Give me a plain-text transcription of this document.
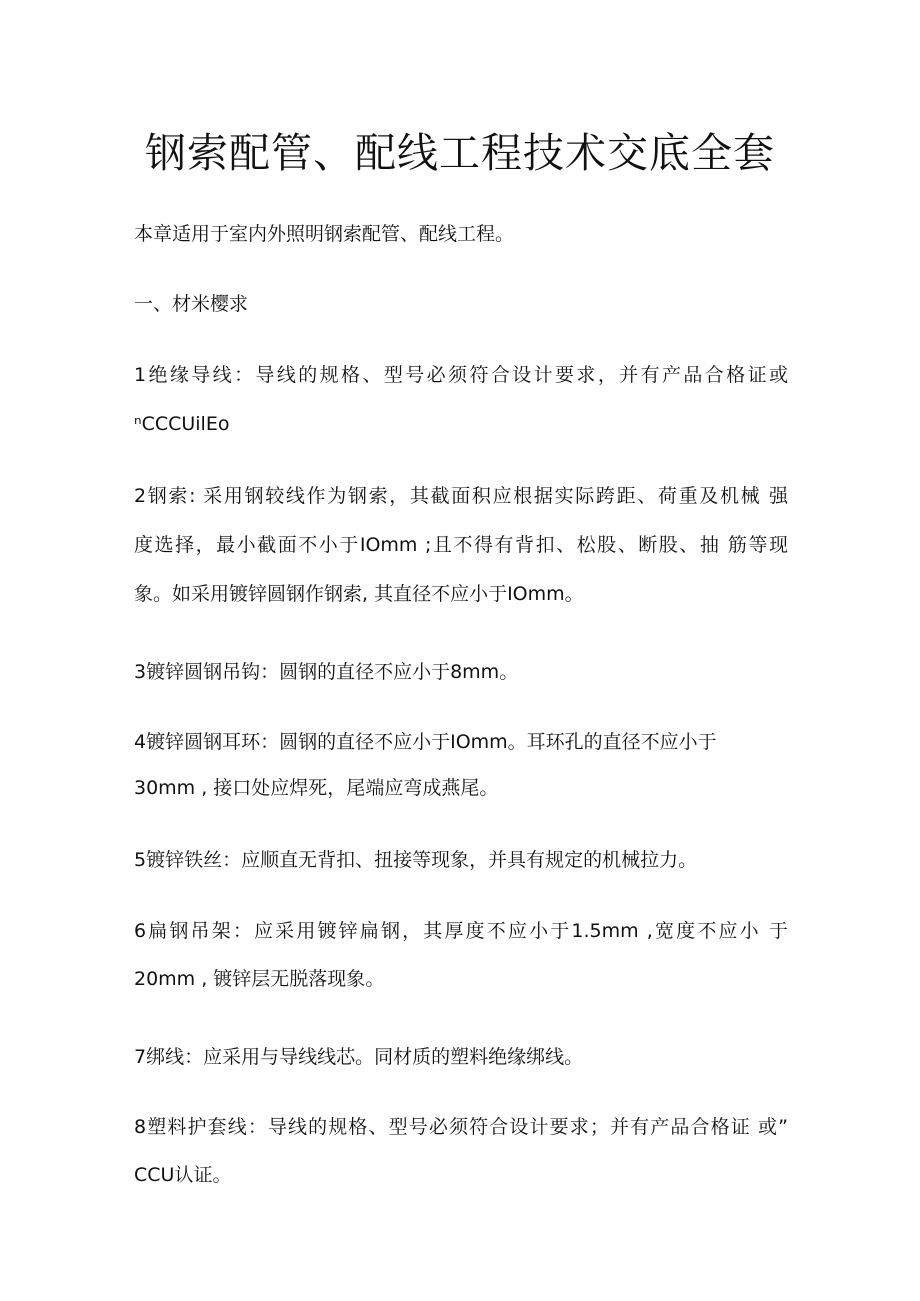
钢索配管、配线工程技术交底全套

本章适用于室内外照明钢索配管、配线工程。

一、材米樱求

1绝缘导线：导线的规格、型号必须符合设计要求，并有产品合格证或

ⁿCCCUilEo

2钢索: 采用钢较线作为钢索，其截面积应根据实际跨距、荷重及机械 强

度选择，最小截面不小于IOmm ;且不得有背扣、松股、断股、抽 筋等现

象。如采用镀锌圆钢作钢索, 其直径不应小于IOmm。

3镀锌圆钢吊钩：圆钢的直径不应小于8mm。

4镀锌圆钢耳环：圆钢的直径不应小于IOmm。耳环孔的直径不应小于

30mm , 接口处应焊死，尾端应弯成燕尾。

5镀锌铁丝：应顺直无背扣、扭接等现象，并具有规定的机械拉力。

6扁钢吊架：应采用镀锌扁钢，其厚度不应小于1.5mm ,宽度不应小 于

20mm , 镀锌层无脱落现象。

7绑线：应采用与导线线芯。同材质的塑料绝缘绑线。

8塑料护套线：导线的规格、型号必须符合设计要求；并有产品合格证 或”

CCU认证。
